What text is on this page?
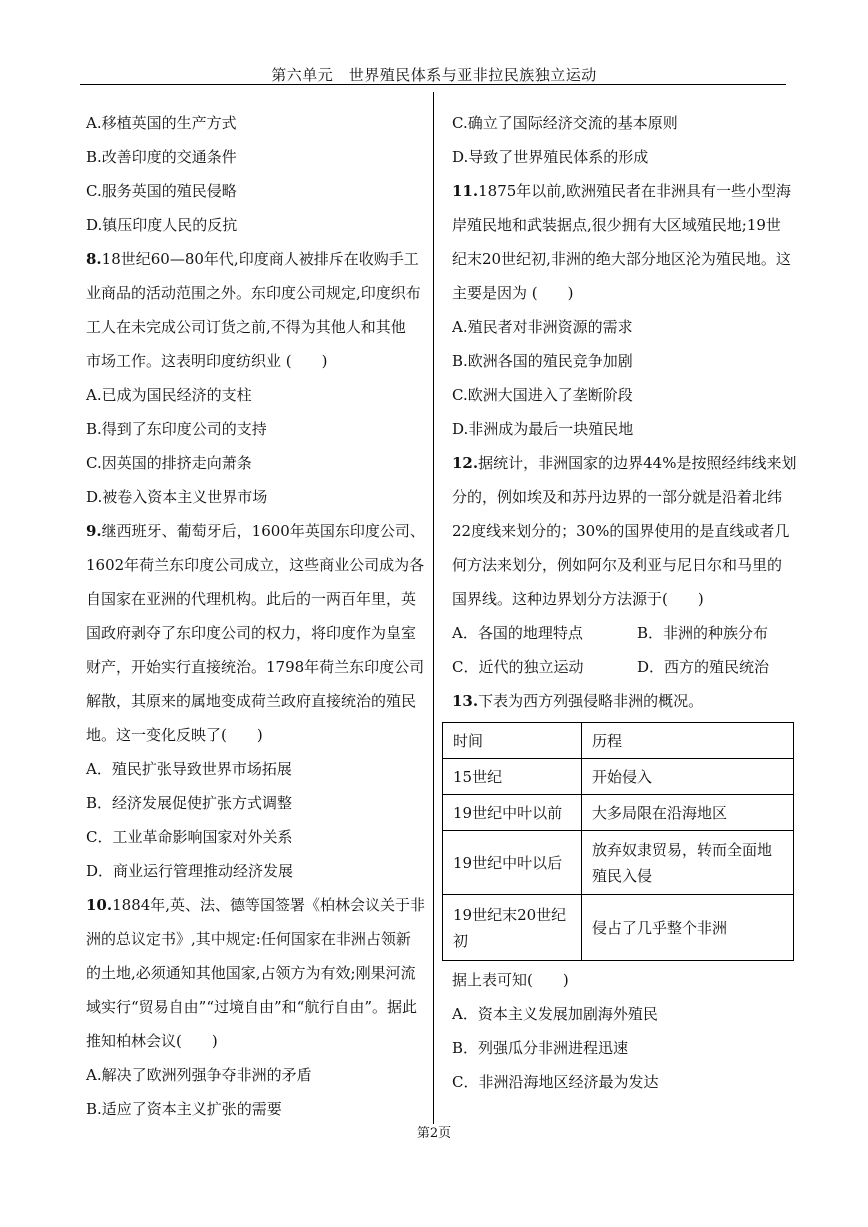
第六单元　世界殖民体系与亚非拉民族独立运动
A.移植英国的生产方式
B.改善印度的交通条件
C.服务英国的殖民侵略
D.镇压印度人民的反抗
8.18世纪60—80年代,印度商人被排斥在收购手工
业商品的活动范围之外。东印度公司规定,印度织布
工人在未完成公司订货之前,不得为其他人和其他
市场工作。这表明印度纺织业 (　　)
A.已成为国民经济的支柱
B.得到了东印度公司的支持
C.因英国的排挤走向萧条
D.被卷入资本主义世界市场
9.继西班牙、葡萄牙后，1600年英国东印度公司、
1602年荷兰东印度公司成立，这些商业公司成为各
自国家在亚洲的代理机构。此后的一两百年里，英
国政府剥夺了东印度公司的权力，将印度作为皇室
财产，开始实行直接统治。1798年荷兰东印度公司
解散，其原来的属地变成荷兰政府直接统治的殖民
地。这一变化反映了(　　)
A．殖民扩张导致世界市场拓展
B．经济发展促使扩张方式调整
C．工业革命影响国家对外关系
D．商业运行管理推动经济发展
10.1884年,英、法、德等国签署《柏林会议关于非
洲的总议定书》,其中规定:任何国家在非洲占领新
的土地,必须通知其他国家,占领方为有效;刚果河流
域实行“贸易自由”“过境自由”和“航行自由”。据此
推知柏林会议(　　)
A.解决了欧洲列强争夺非洲的矛盾
B.适应了资本主义扩张的需要
C.确立了国际经济交流的基本原则
D.导致了世界殖民体系的形成
11.1875年以前,欧洲殖民者在非洲具有一些小型海
岸殖民地和武装据点,很少拥有大区域殖民地;19世
纪末20世纪初,非洲的绝大部分地区沦为殖民地。这
主要是因为 (　　)
A.殖民者对非洲资源的需求
B.欧洲各国的殖民竞争加剧
C.欧洲大国进入了垄断阶段
D.非洲成为最后一块殖民地
12.据统计，非洲国家的边界44%是按照经纬线来划
分的，例如埃及和苏丹边界的一部分就是沿着北纬
22度线来划分的；30%的国界使用的是直线或者几
何方法来划分，例如阿尔及利亚与尼日尔和马里的
国界线。这种边界划分方法源于(　　)
A．各国的地理特点	B．非洲的种族分布
C．近代的独立运动	D．西方的殖民统治
13.下表为西方列强侵略非洲的概况。
时间	历程
15世纪	开始侵入
19世纪中叶以前	大多局限在沿海地区
19世纪中叶以后	放弃奴隶贸易，转而全面地殖民入侵
19世纪末20世纪初	侵占了几乎整个非洲
据上表可知(　　)
A．资本主义发展加剧海外殖民
B．列强瓜分非洲进程迅速
C．非洲沿海地区经济最为发达
第2页
